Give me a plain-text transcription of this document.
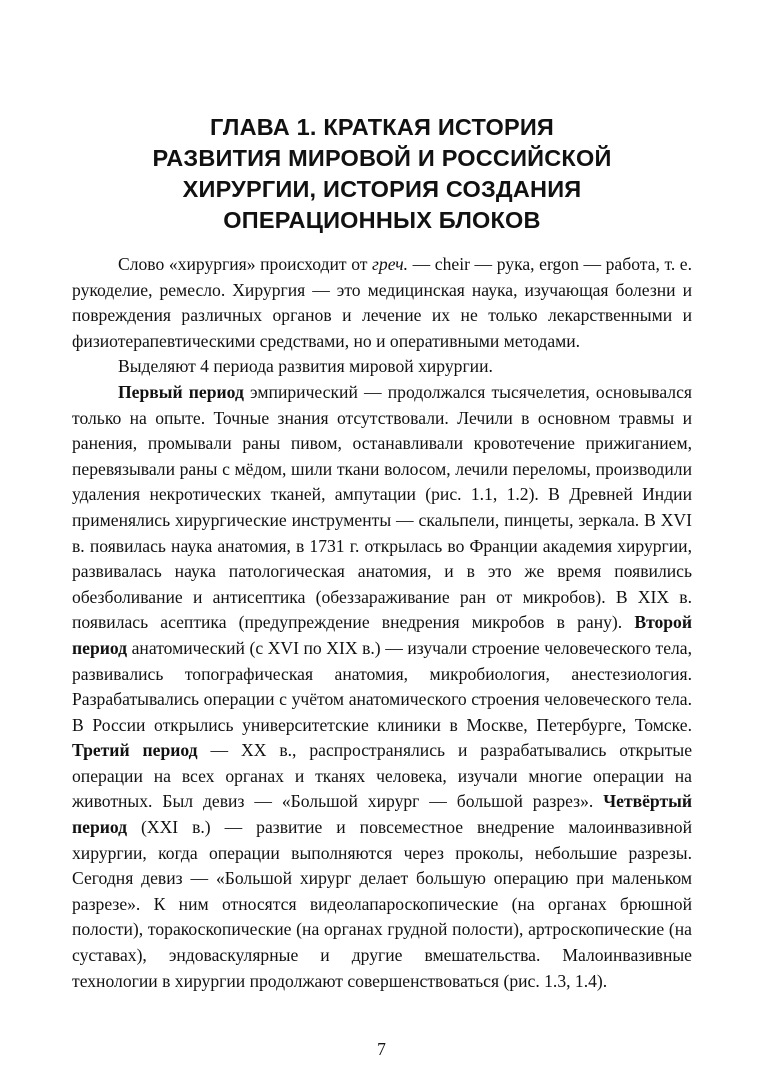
ГЛАВА 1. КРАТКАЯ ИСТОРИЯ
РАЗВИТИЯ МИРОВОЙ И РОССИЙСКОЙ
ХИРУРГИИ, ИСТОРИЯ СОЗДАНИЯ
ОПЕРАЦИОННЫХ БЛОКОВ

Слово «хирургия» происходит от греч. — cheir — рука, ergon — работа, т. е. рукоделие, ремесло. Хирургия — это медицинская наука, изучающая болезни и повреждения различных органов и лечение их не только лекарственными и физиотерапевтическими средствами, но и оперативными методами.

Выделяют 4 периода развития мировой хирургии.

Первый период эмпирический — продолжался тысячелетия, основывался только на опыте. Точные знания отсутствовали. Лечили в основном травмы и ранения, промывали раны пивом, останавливали кровотечение прижиганием, перевязывали раны с мёдом, шили ткани волосом, лечили переломы, производили удаления некротических тканей, ампутации (рис. 1.1, 1.2). В Древней Индии применялись хирургические инструменты — скальпели, пинцеты, зеркала. В XVI в. появилась наука анатомия, в 1731 г. открылась во Франции академия хирургии, развивалась наука патологическая анатомия, и в это же время появились обезболивание и антисептика (обеззараживание ран от микробов). В XIX в. появилась асептика (предупреждение внедрения микробов в рану). Второй период анатомический (с XVI по XIX в.) — изучали строение человеческого тела, развивались топографическая анатомия, микробиология, анестезиология. Разрабатывались операции с учётом анатомического строения человеческого тела. В России открылись университетские клиники в Москве, Петербурге, Томске. Третий период — XX в., распространялись и разрабатывались открытые операции на всех органах и тканях человека, изучали многие операции на животных. Был девиз — «Большой хирург — большой разрез». Четвёртый период (XXI в.) — развитие и повсеместное внедрение малоинвазивной хирургии, когда операции выполняются через проколы, небольшие разрезы. Сегодня девиз — «Большой хирург делает большую операцию при маленьком разрезе». К ним относятся видеолапароскопические (на органах брюшной полости), торакоскопические (на органах грудной полости), артроскопические (на суставах), эндоваскулярные и другие вмешательства. Малоинвазивные технологии в хирургии продолжают совершенствоваться (рис. 1.3, 1.4).

7
